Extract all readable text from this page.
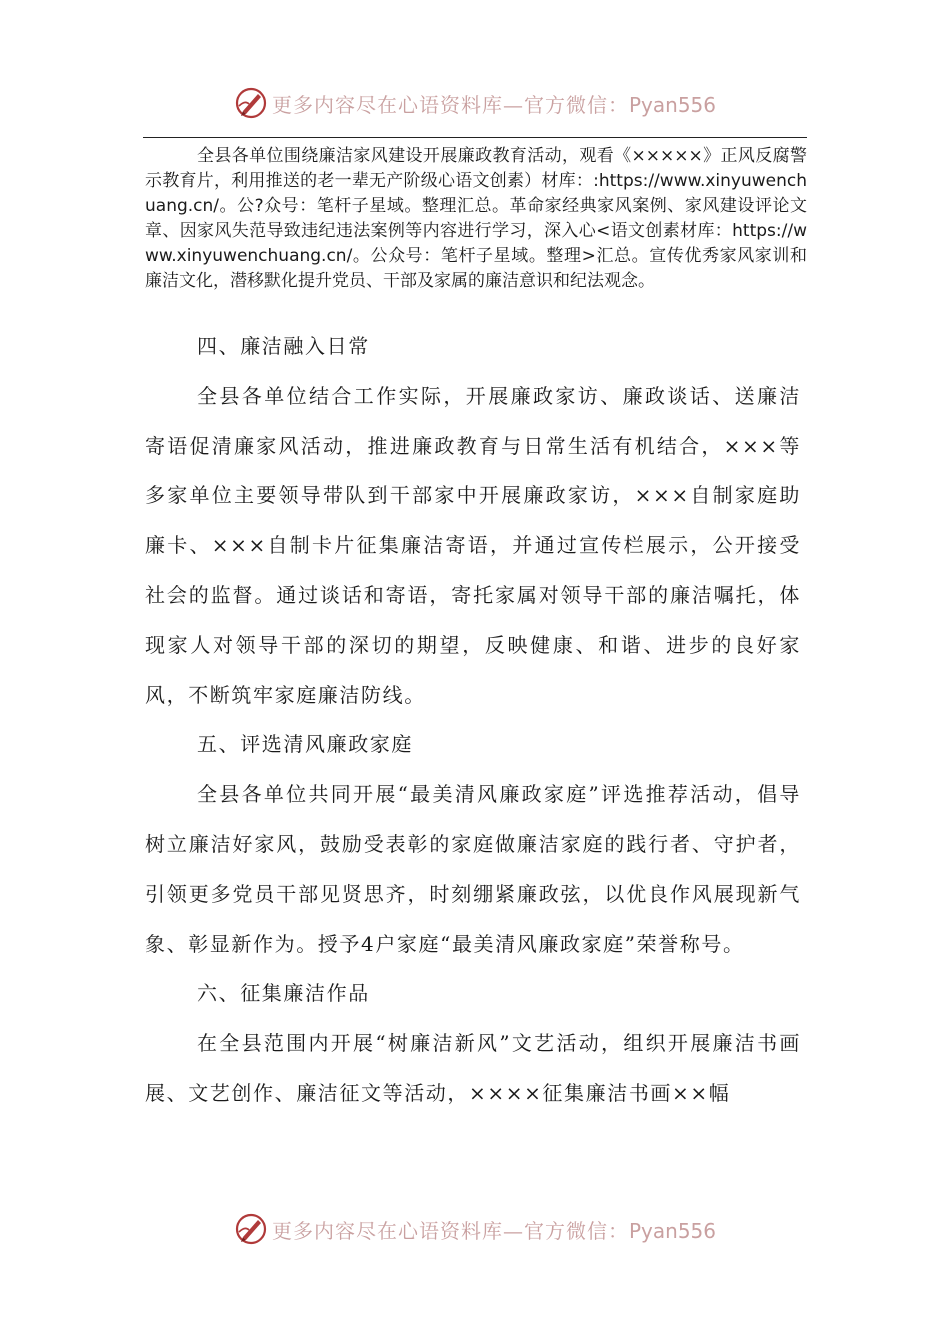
更多内容尽在心语资料库—官方微信：Pyan556

全县各单位围绕廉洁家风建设开展廉政教育活动，观看《×××××》正风反腐警示教育片，利用推送的老一辈无产阶级心语文创素）材库：:https://www.xinyuwenchuang.cn/。公?众号：笔杆子星域。整理汇总。革命家经典家风案例、家风建设评论文章、因家风失范导致违纪违法案例等内容进行学习，深入心<语文创素材库：https://www.xinyuwenchuang.cn/。公众号：笔杆子星域。整理>汇总。宣传优秀家风家训和廉洁文化，潜移默化提升党员、干部及家属的廉洁意识和纪法观念。

四、廉洁融入日常

全县各单位结合工作实际，开展廉政家访、廉政谈话、送廉洁寄语促清廉家风活动，推进廉政教育与日常生活有机结合，×××等多家单位主要领导带队到干部家中开展廉政家访，×××自制家庭助廉卡、×××自制卡片征集廉洁寄语，并通过宣传栏展示，公开接受社会的监督。通过谈话和寄语，寄托家属对领导干部的廉洁嘱托，体现家人对领导干部的深切的期望，反映健康、和谐、进步的良好家风，不断筑牢家庭廉洁防线。

五、评选清风廉政家庭

全县各单位共同开展“最美清风廉政家庭”评选推荐活动，倡导树立廉洁好家风，鼓励受表彰的家庭做廉洁家庭的践行者、守护者，引领更多党员干部见贤思齐，时刻绷紧廉政弦，以优良作风展现新气象、彰显新作为。授予4户家庭“最美清风廉政家庭”荣誉称号。

六、征集廉洁作品

在全县范围内开展“树廉洁新风”文艺活动，组织开展廉洁书画展、文艺创作、廉洁征文等活动，××××征集廉洁书画××幅

更多内容尽在心语资料库—官方微信：Pyan556
